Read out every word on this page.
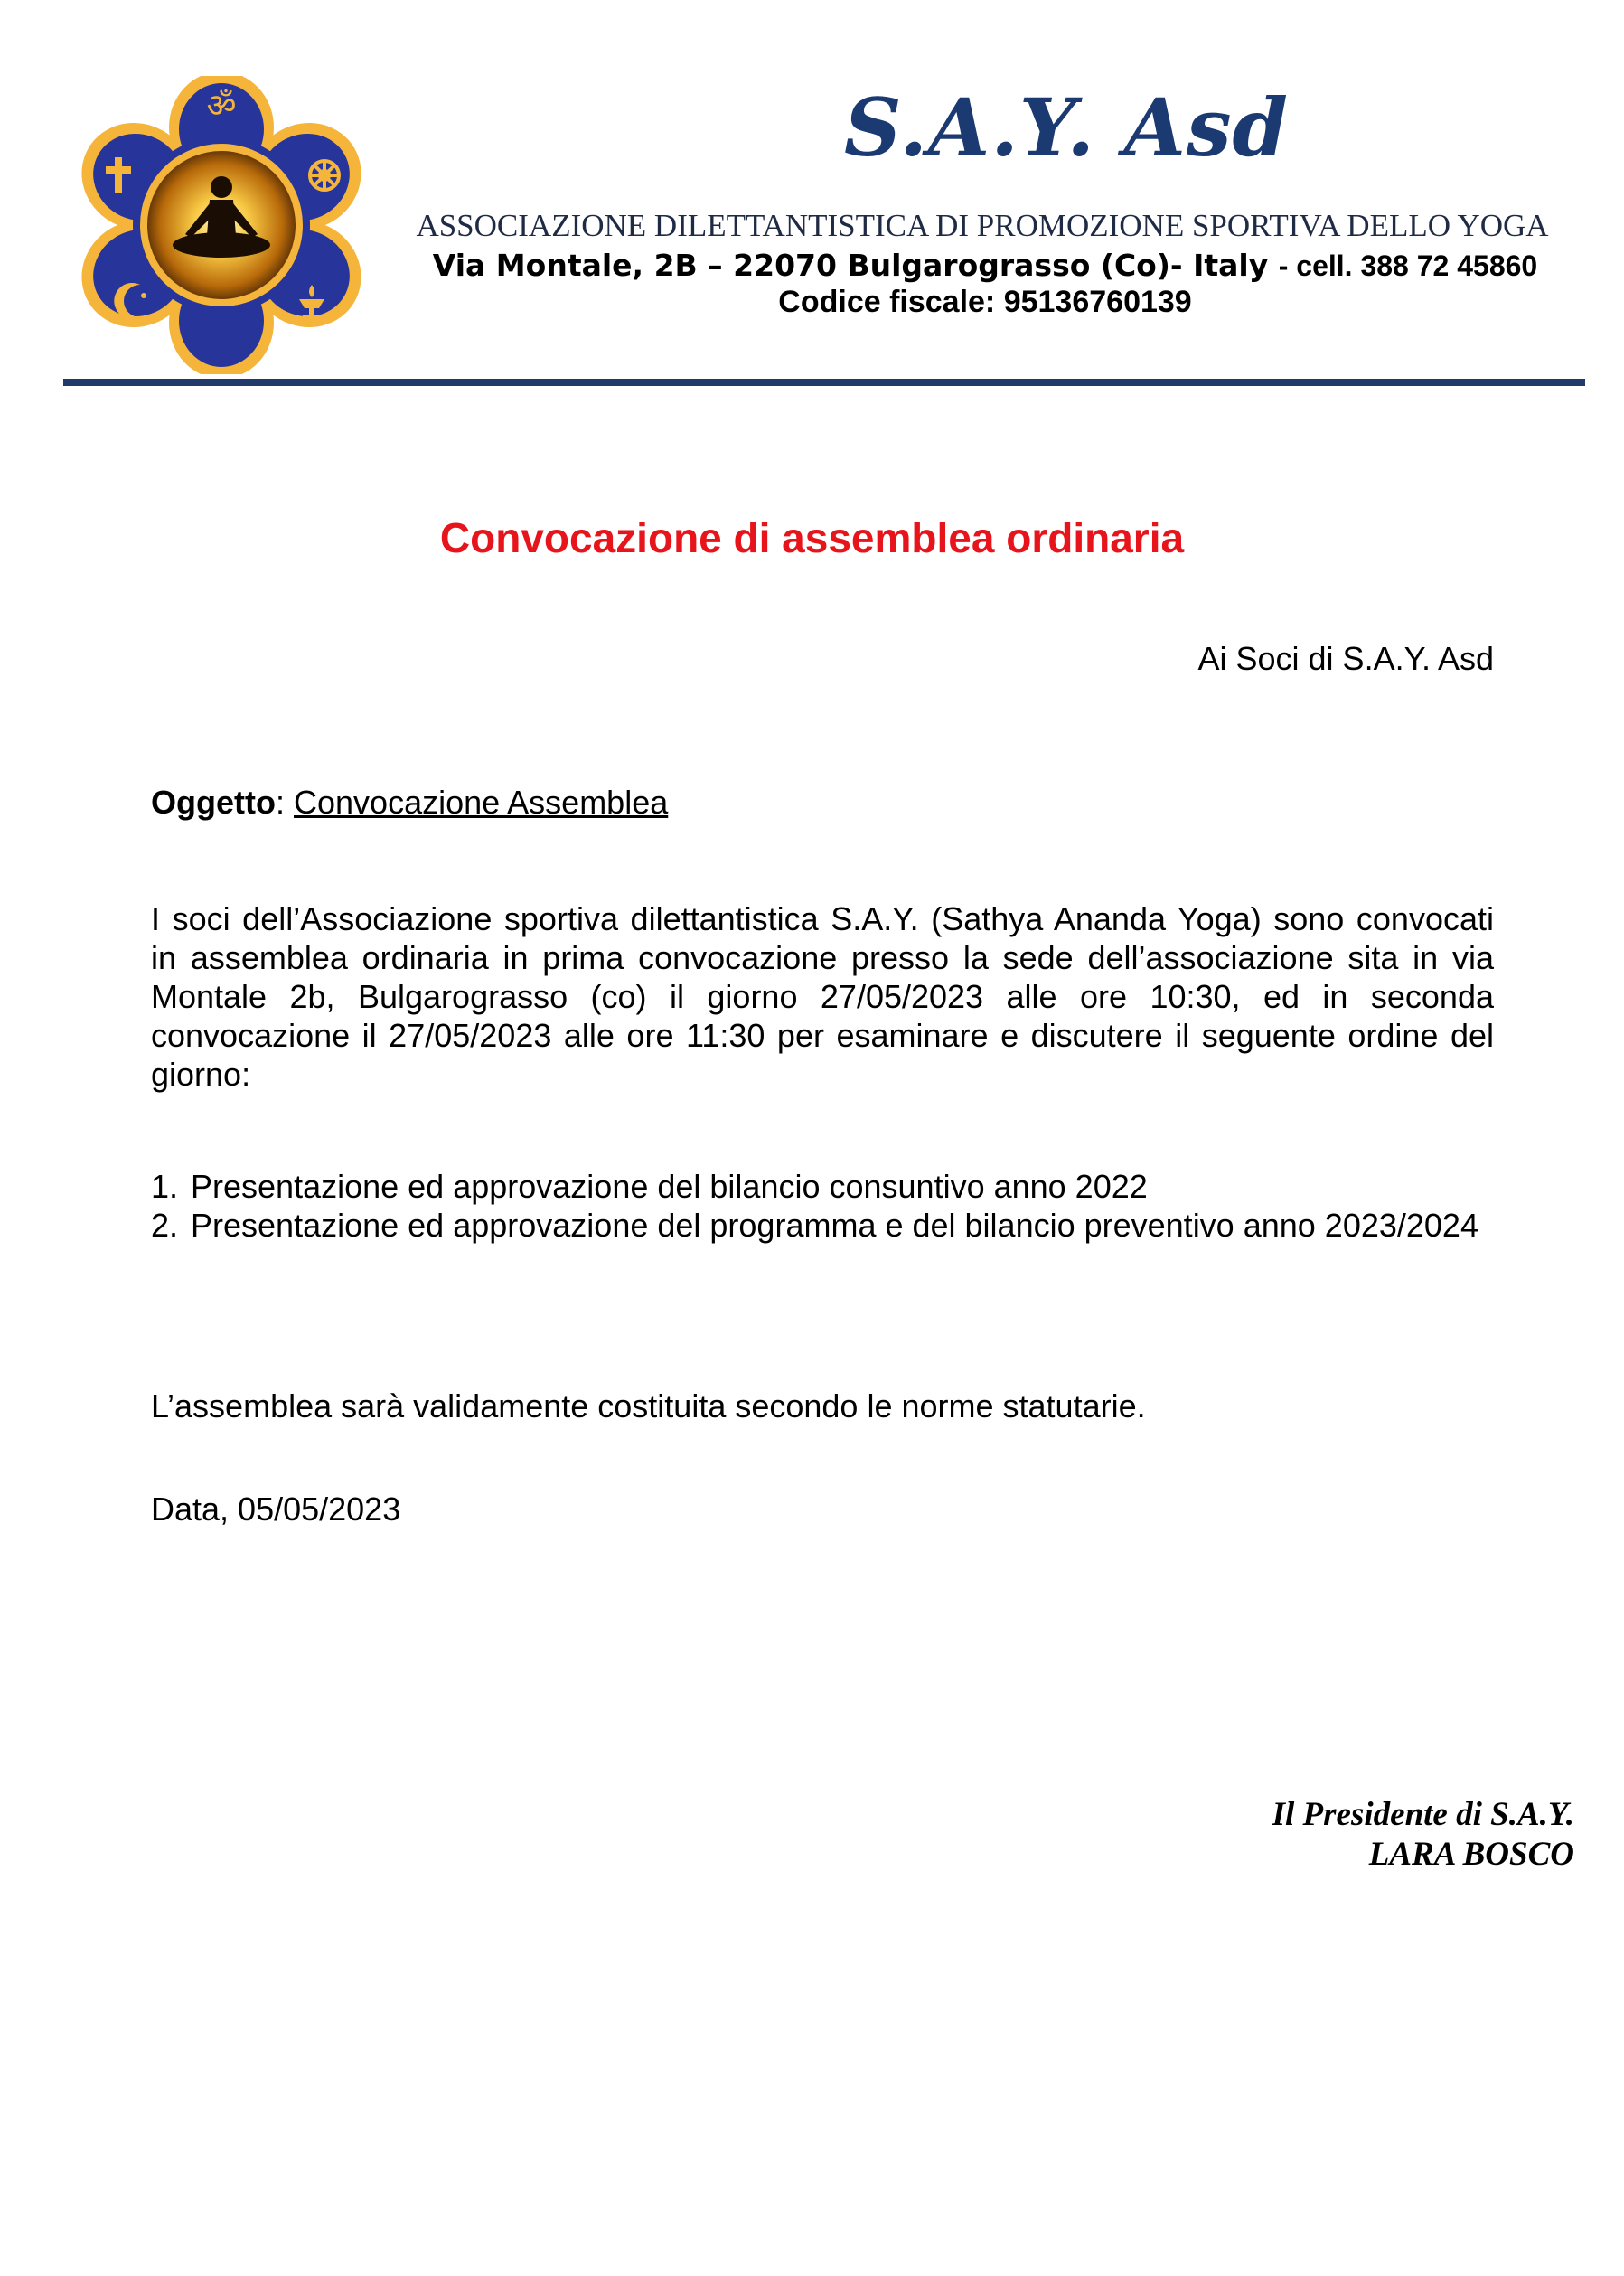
ॐ	S.A.Y. Asd
ASSOCIAZIONE DILETTANTISTICA DI PROMOZIONE SPORTIVA DELLO YOGA
Via Montale, 2B – 22070 Bulgarograsso (Co)- Italy - cell. 388 72 45860
Codice fiscale: 95136760139
Convocazione di assemblea ordinaria
Ai Soci di S.A.Y. Asd
Oggetto: Convocazione Assemblea
I soci dell’Associazione sportiva dilettantistica S.A.Y. (Sathya Ananda Yoga) sono convocati in assemblea ordinaria in prima convocazione presso la sede dell’associazione sita in via Montale 2b, Bulgarograsso (co) il giorno 27/05/2023 alle ore 10:30, ed in seconda convocazione il 27/05/2023 alle ore 11:30 per esaminare e discutere il seguente ordine del giorno:
1. Presentazione ed approvazione del bilancio consuntivo anno 2022
2. Presentazione ed approvazione del programma e del bilancio preventivo anno 2023/2024
L’assemblea sarà validamente costituita secondo le norme statutarie.
Data, 05/05/2023
Il Presidente di S.A.Y.
LARA BOSCO
